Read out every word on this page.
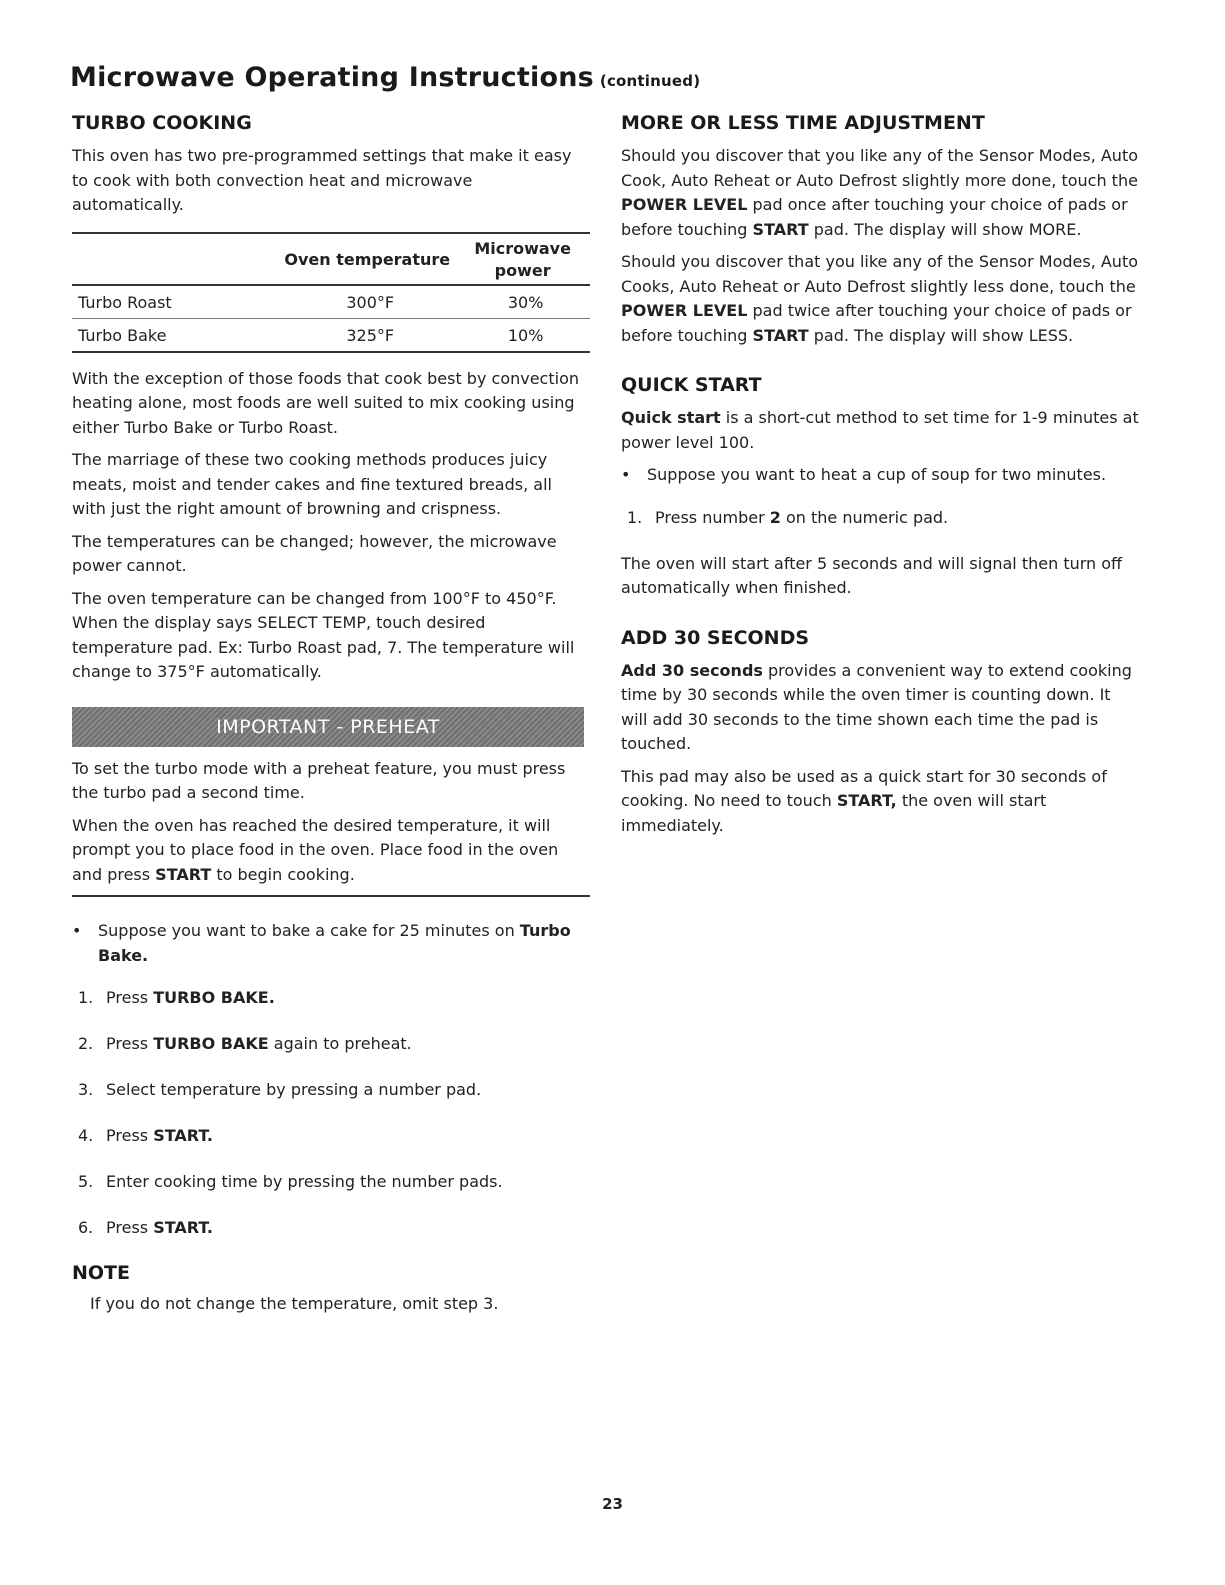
Microwave Operating Instructions (continued)
TURBO COOKING

This oven has two pre-programmed settings that make it easy to cook with both convection heat and microwave automatically.

	Oven temperature	Microwave power
Turbo Roast	300°F	30%
Turbo Bake	325°F	10%

With the exception of those foods that cook best by convection heating alone, most foods are well suited to mix cooking using either Turbo Bake or Turbo Roast.

The marriage of these two cooking methods produces juicy meats, moist and tender cakes and fine textured breads, all with just the right amount of browning and crispness.

The temperatures can be changed; however, the microwave power cannot.

The oven temperature can be changed from 100°F to 450°F. When the display says SELECT TEMP, touch desired temperature pad. Ex: Turbo Roast pad, 7. The temperature will change to 375°F automatically.

IMPORTANT - PREHEAT

To set the turbo mode with a preheat feature, you must press the turbo pad a second time.

When the oven has reached the desired temperature, it will prompt you to place food in the oven. Place food in the oven and press START to begin cooking.

• Suppose you want to bake a cake for 25 minutes on Turbo Bake.
1. Press TURBO BAKE.
2. Press TURBO BAKE again to preheat.
3. Select temperature by pressing a number pad.
4. Press START.
5. Enter cooking time by pressing the number pads.
6. Press START.
NOTE

If you do not change the temperature, omit step 3.

MORE OR LESS TIME ADJUSTMENT

Should you discover that you like any of the Sensor Modes, Auto Cook, Auto Reheat or Auto Defrost slightly more done, touch the POWER LEVEL pad once after touching your choice of pads or before touching START pad. The display will show MORE.

Should you discover that you like any of the Sensor Modes, Auto Cooks, Auto Reheat or Auto Defrost slightly less done, touch the POWER LEVEL pad twice after touching your choice of pads or before touching START pad. The display will show LESS.

QUICK START

Quick start is a short-cut method to set time for 1-9 minutes at power level 100.

• Suppose you want to heat a cup of soup for two minutes.
1. Press number 2 on the numeric pad.

The oven will start after 5 seconds and will signal then turn off automatically when finished.

ADD 30 SECONDS

Add 30 seconds provides a convenient way to extend cooking time by 30 seconds while the oven timer is counting down. It will add 30 seconds to the time shown each time the pad is touched.

This pad may also be used as a quick start for 30 seconds of cooking. No need to touch START, the oven will start immediately.

23
